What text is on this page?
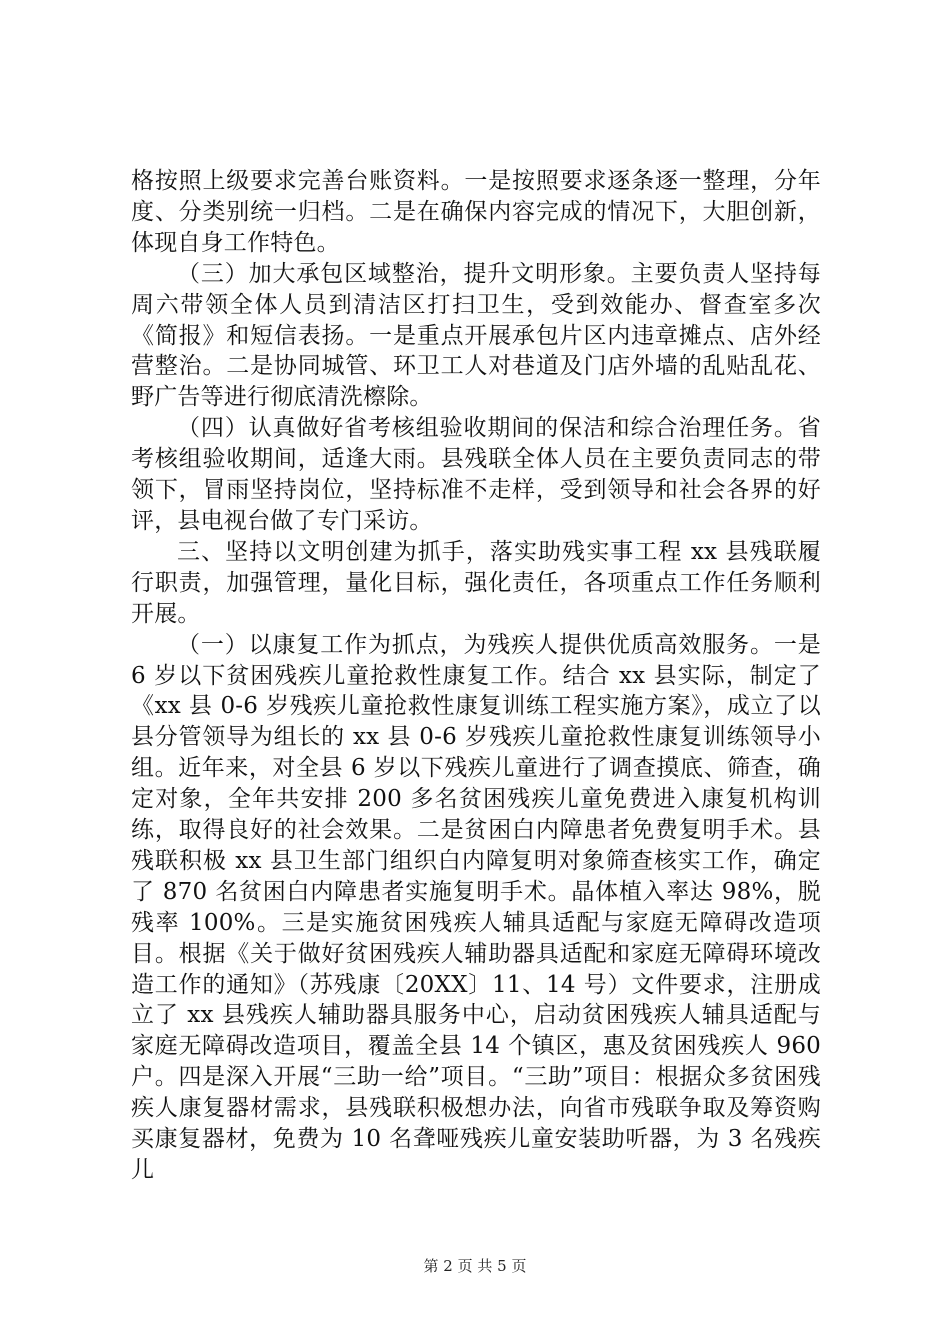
格按照上级要求完善台账资料。一是按照要求逐条逐一整理，分年度、分类别统一归档。二是在确保内容完成的情况下，大胆创新，体现自身工作特色。

（三）加大承包区域整治，提升文明形象。主要负责人坚持每周六带领全体人员到清洁区打扫卫生，受到效能办、督查室多次《简报》和短信表扬。一是重点开展承包片区内违章摊点、店外经营整治。二是协同城管、环卫工人对巷道及门店外墙的乱贴乱花、野广告等进行彻底清洗檫除。

（四）认真做好省考核组验收期间的保洁和综合治理任务。省考核组验收期间，适逢大雨。县残联全体人员在主要负责同志的带领下，冒雨坚持岗位，坚持标准不走样，受到领导和社会各界的好评，县电视台做了专门采访。

三、坚持以文明创建为抓手，落实助残实事工程 xx 县残联履行职责，加强管理，量化目标，强化责任，各项重点工作任务顺利开展。

（一）以康复工作为抓点，为残疾人提供优质高效服务。一是 6 岁以下贫困残疾儿童抢救性康复工作。结合 xx 县实际，制定了《xx 县 0-6 岁残疾儿童抢救性康复训练工程实施方案》，成立了以县分管领导为组长的 xx 县 0-6 岁残疾儿童抢救性康复训练领导小组。近年来，对全县 6 岁以下残疾儿童进行了调查摸底、筛查，确定对象，全年共安排 200 多名贫困残疾儿童免费进入康复机构训练，取得良好的社会效果。二是贫困白内障患者免费复明手术。县残联积极 xx 县卫生部门组织白内障复明对象筛查核实工作，确定了 870 名贫困白内障患者实施复明手术。晶体植入率达 98%，脱残率 100%。三是实施贫困残疾人辅具适配与家庭无障碍改造项目。根据《关于做好贫困残疾人辅助器具适配和家庭无障碍环境改造工作的通知》（苏残康〔20XX〕11、14 号）文件要求，注册成立了 xx 县残疾人辅助器具服务中心，启动贫困残疾人辅具适配与家庭无障碍改造项目，覆盖全县 14 个镇区，惠及贫困残疾人 960 户。四是深入开展“三助一给”项目。“三助”项目：根据众多贫困残疾人康复器材需求，县残联积极想办法，向省市残联争取及筹资购买康复器材，免费为 10 名聋哑残疾儿童安装助听器，为 3 名残疾儿

第 2 页 共 5 页
